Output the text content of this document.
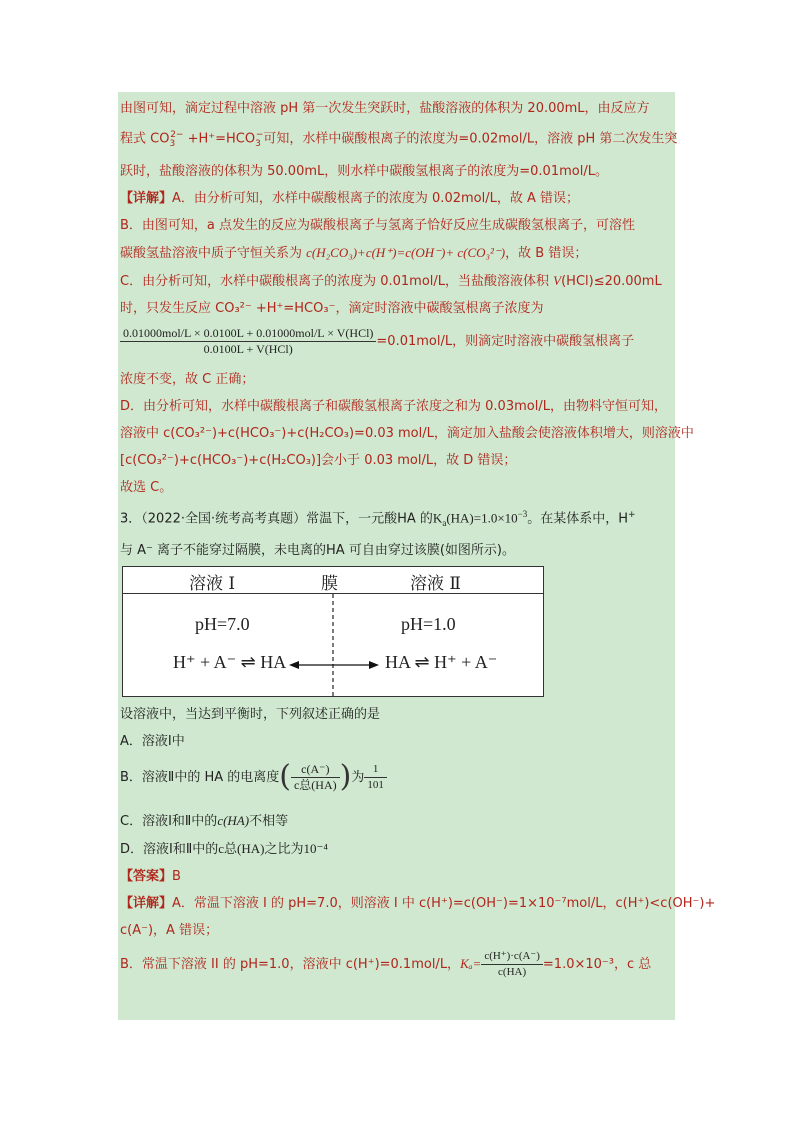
由图可知，滴定过程中溶液 pH 第一次发生突跃时，盐酸溶液的体积为 20.00mL，由反应方
程式 $CO_3^{2-} +H^+=HCO_3^-$可知，水样中碳酸根离子的浓度为=0.02mol/L，溶液 pH 第二次发生突
跃时，盐酸溶液的体积为 50.00mL，则水样中碳酸氢根离子的浓度为=0.01mol/L。
【详解】A．由分析可知，水样中碳酸根离子的浓度为 0.02mol/L，故 A 错误；
B．由图可知，a 点发生的反应为碳酸根离子与氢离子恰好反应生成碳酸氢根离子，可溶性
碳酸氢盐溶液中质子守恒关系为 c(H₂CO₃)+c(H⁺)=c(OH⁻)+ c(CO₃²⁻)，故 B 错误；
C．由分析可知，水样中碳酸根离子的浓度为 0.01mol/L，当盐酸溶液体积 V(HCl)≤20.00mL
时，只发生反应 CO₃²⁻ +H⁺=HCO₃⁻，滴定时溶液中碳酸氢根离子浓度为
$\frac{\text{0.01000mol/L × 0.0100L + 0.01000mol/L × V(HCl)}}{\text{0.0100L + V(HCl)}} =0.01mol/L$，则滴定时溶液中碳酸氢根离子
浓度不变，故 C 正确；
D．由分析可知，水样中碳酸根离子和碳酸氢根离子浓度之和为 0.03mol/L，由物料守恒可知，
溶液中 c(CO₃²⁻)+c(HCO₃⁻)+c(H₂CO₃)=0.03 mol/L，滴定加入盐酸会使溶液体积增大，则溶液中
[c(CO₃²⁻)+c(HCO₃⁻)+c(H₂CO₃)]会小于 0.03 mol/L，故 D 错误；
故选 C。
3．（2022·全国·统考高考真题）常温下，一元酸HA 的$K_a(HA)=1.0\times 10^{-3}$。在某体系中，H+
与 A⁻ 离子不能穿过隔膜，未电离的HA 可自由穿过该膜(如图所示)。
溶液 Ⅰ	膜	溶液 Ⅱ
pH=7.0	pH=1.0
H⁺ + A⁻ ⇌ HA	HA ⇌ H⁺ + A⁻
设溶液中，当达到平衡时，下列叙述正确的是
A．溶液Ⅰ中
B．溶液Ⅱ中的 HA 的电离度( $\frac{c(A^-)}{\text{c总(HA)}}$ )为 $\frac{1}{101}$
C．溶液Ⅰ和Ⅱ中的c(HA)不相等
D．溶液Ⅰ和Ⅱ中的c总(HA)之比为10⁻⁴
【答案】B
【详解】A．常温下溶液 I 的 pH=7.0，则溶液 I 中 c(H⁺)=c(OH⁻)=1×10⁻⁷mol/L，c(H⁺)<c(OH⁻)+
c(A⁻)，A 错误；
B．常温下溶液 II 的 pH=1.0，溶液中 c(H⁺)=0.1mol/L，$K_a= \frac{c(H^+)\cdot c(A^-)}{c(HA)} =1.0\times 10^{-3}$，c 总
